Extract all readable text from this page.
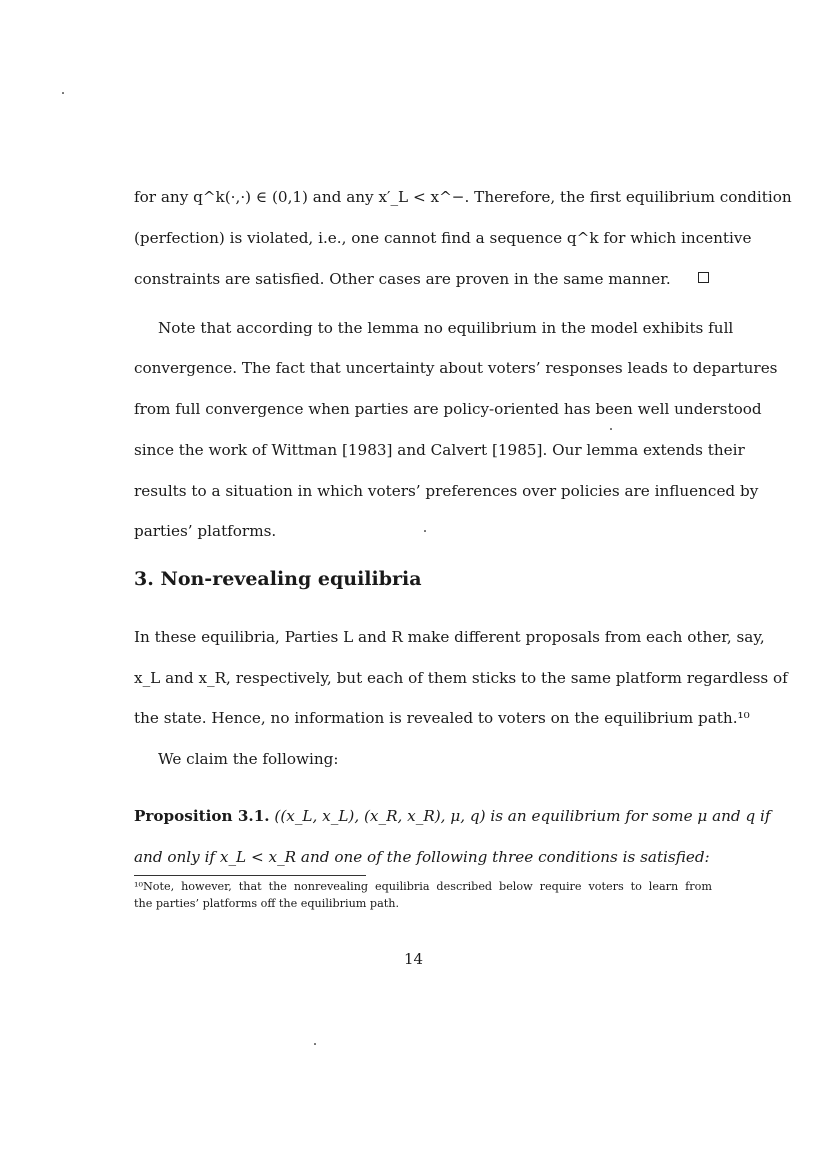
for any q^k(·,·) ∈ (0,1) and any x′_L < x^−. Therefore, the first equilibrium condition
(perfection) is violated, i.e., one cannot find a sequence q^k for which incentive
constraints are satisfied. Other cases are proven in the same manner.
Note that according to the lemma no equilibrium in the model exhibits full
convergence. The fact that uncertainty about voters’ responses leads to departures
from full convergence when parties are policy-oriented has been well understood
since the work of Wittman [1983] and Calvert [1985]. Our lemma extends their
results to a situation in which voters’ preferences over policies are influenced by
parties’ platforms.
3. Non-revealing equilibria
In these equilibria, Parties L and R make different proposals from each other, say,
x_L and x_R, respectively, but each of them sticks to the same platform regardless of
the state. Hence, no information is revealed to voters on the equilibrium path.¹⁰
We claim the following:
Proposition 3.1. ((x_L, x_L), (x_R, x_R), μ, q) is an equilibrium for some μ and q if
and only if x_L < x_R and one of the following three conditions is satisfied:
¹⁰Note, however, that the nonrevealing equilibria described below require voters to learn from
the parties’ platforms off the equilibrium path.
14
